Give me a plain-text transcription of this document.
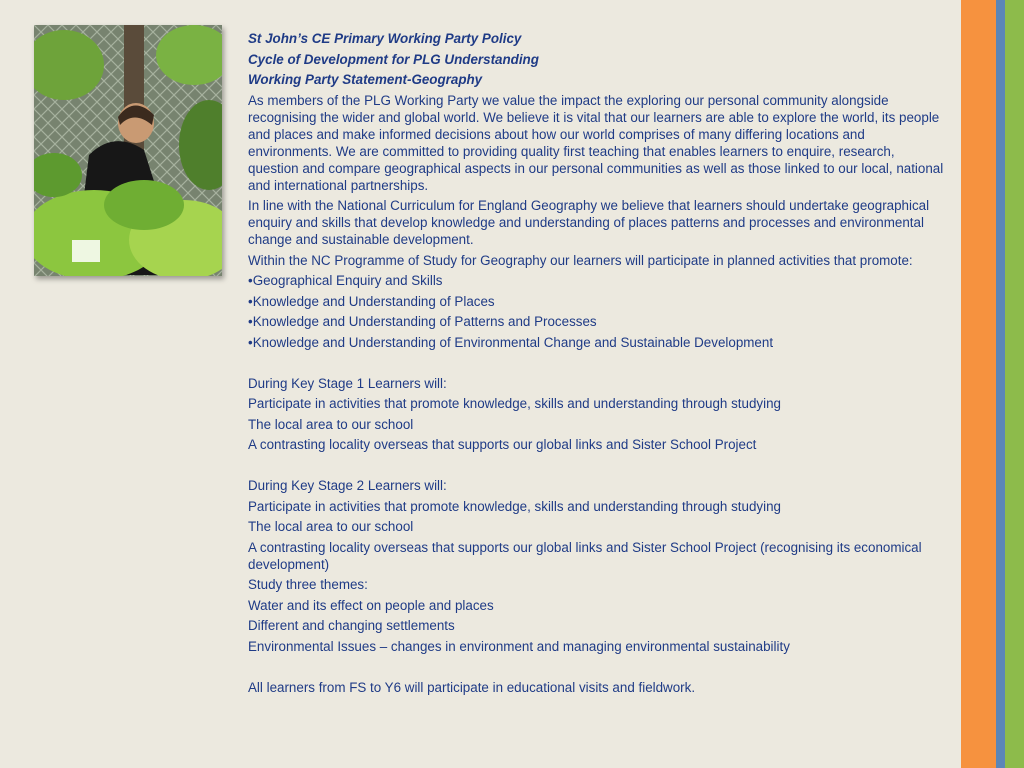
St John’s CE Primary Working Party Policy

Cycle of Development for PLG Understanding

Working Party Statement-Geography

As members of the PLG Working Party we value the impact the exploring our personal community alongside recognising the wider and global world. We believe it is vital that our learners are able to explore the world, its people and places and make informed decisions about how our world comprises of many differing locations and environments. We are committed to providing quality first teaching that enables learners to enquire, research, question and compare geographical aspects in our personal communities as well as those linked to our local, national and international partnerships.

In line with the National Curriculum for England Geography we believe that learners should undertake geographical enquiry and skills that develop knowledge and understanding of places patterns and processes and environmental change and sustainable development.

Within the NC Programme of Study for Geography our learners will participate in planned activities that promote:

•Geographical Enquiry and Skills

•Knowledge and Understanding of Places

•Knowledge and Understanding of Patterns and Processes

•Knowledge and Understanding of Environmental Change and Sustainable Development

During Key Stage 1 Learners will:

Participate in activities that promote knowledge, skills and understanding through studying

The local area to our school

A contrasting locality overseas that supports our global links and Sister School Project

During Key Stage 2 Learners will:

Participate in activities that promote knowledge, skills and understanding through studying

The local area to our school

A contrasting locality overseas that supports our global links and Sister School Project (recognising its economical development)

Study three themes:

Water and its effect on people and places

Different and changing settlements

Environmental Issues – changes in environment and managing environmental sustainability

All learners from FS to Y6 will participate in educational visits and fieldwork.
